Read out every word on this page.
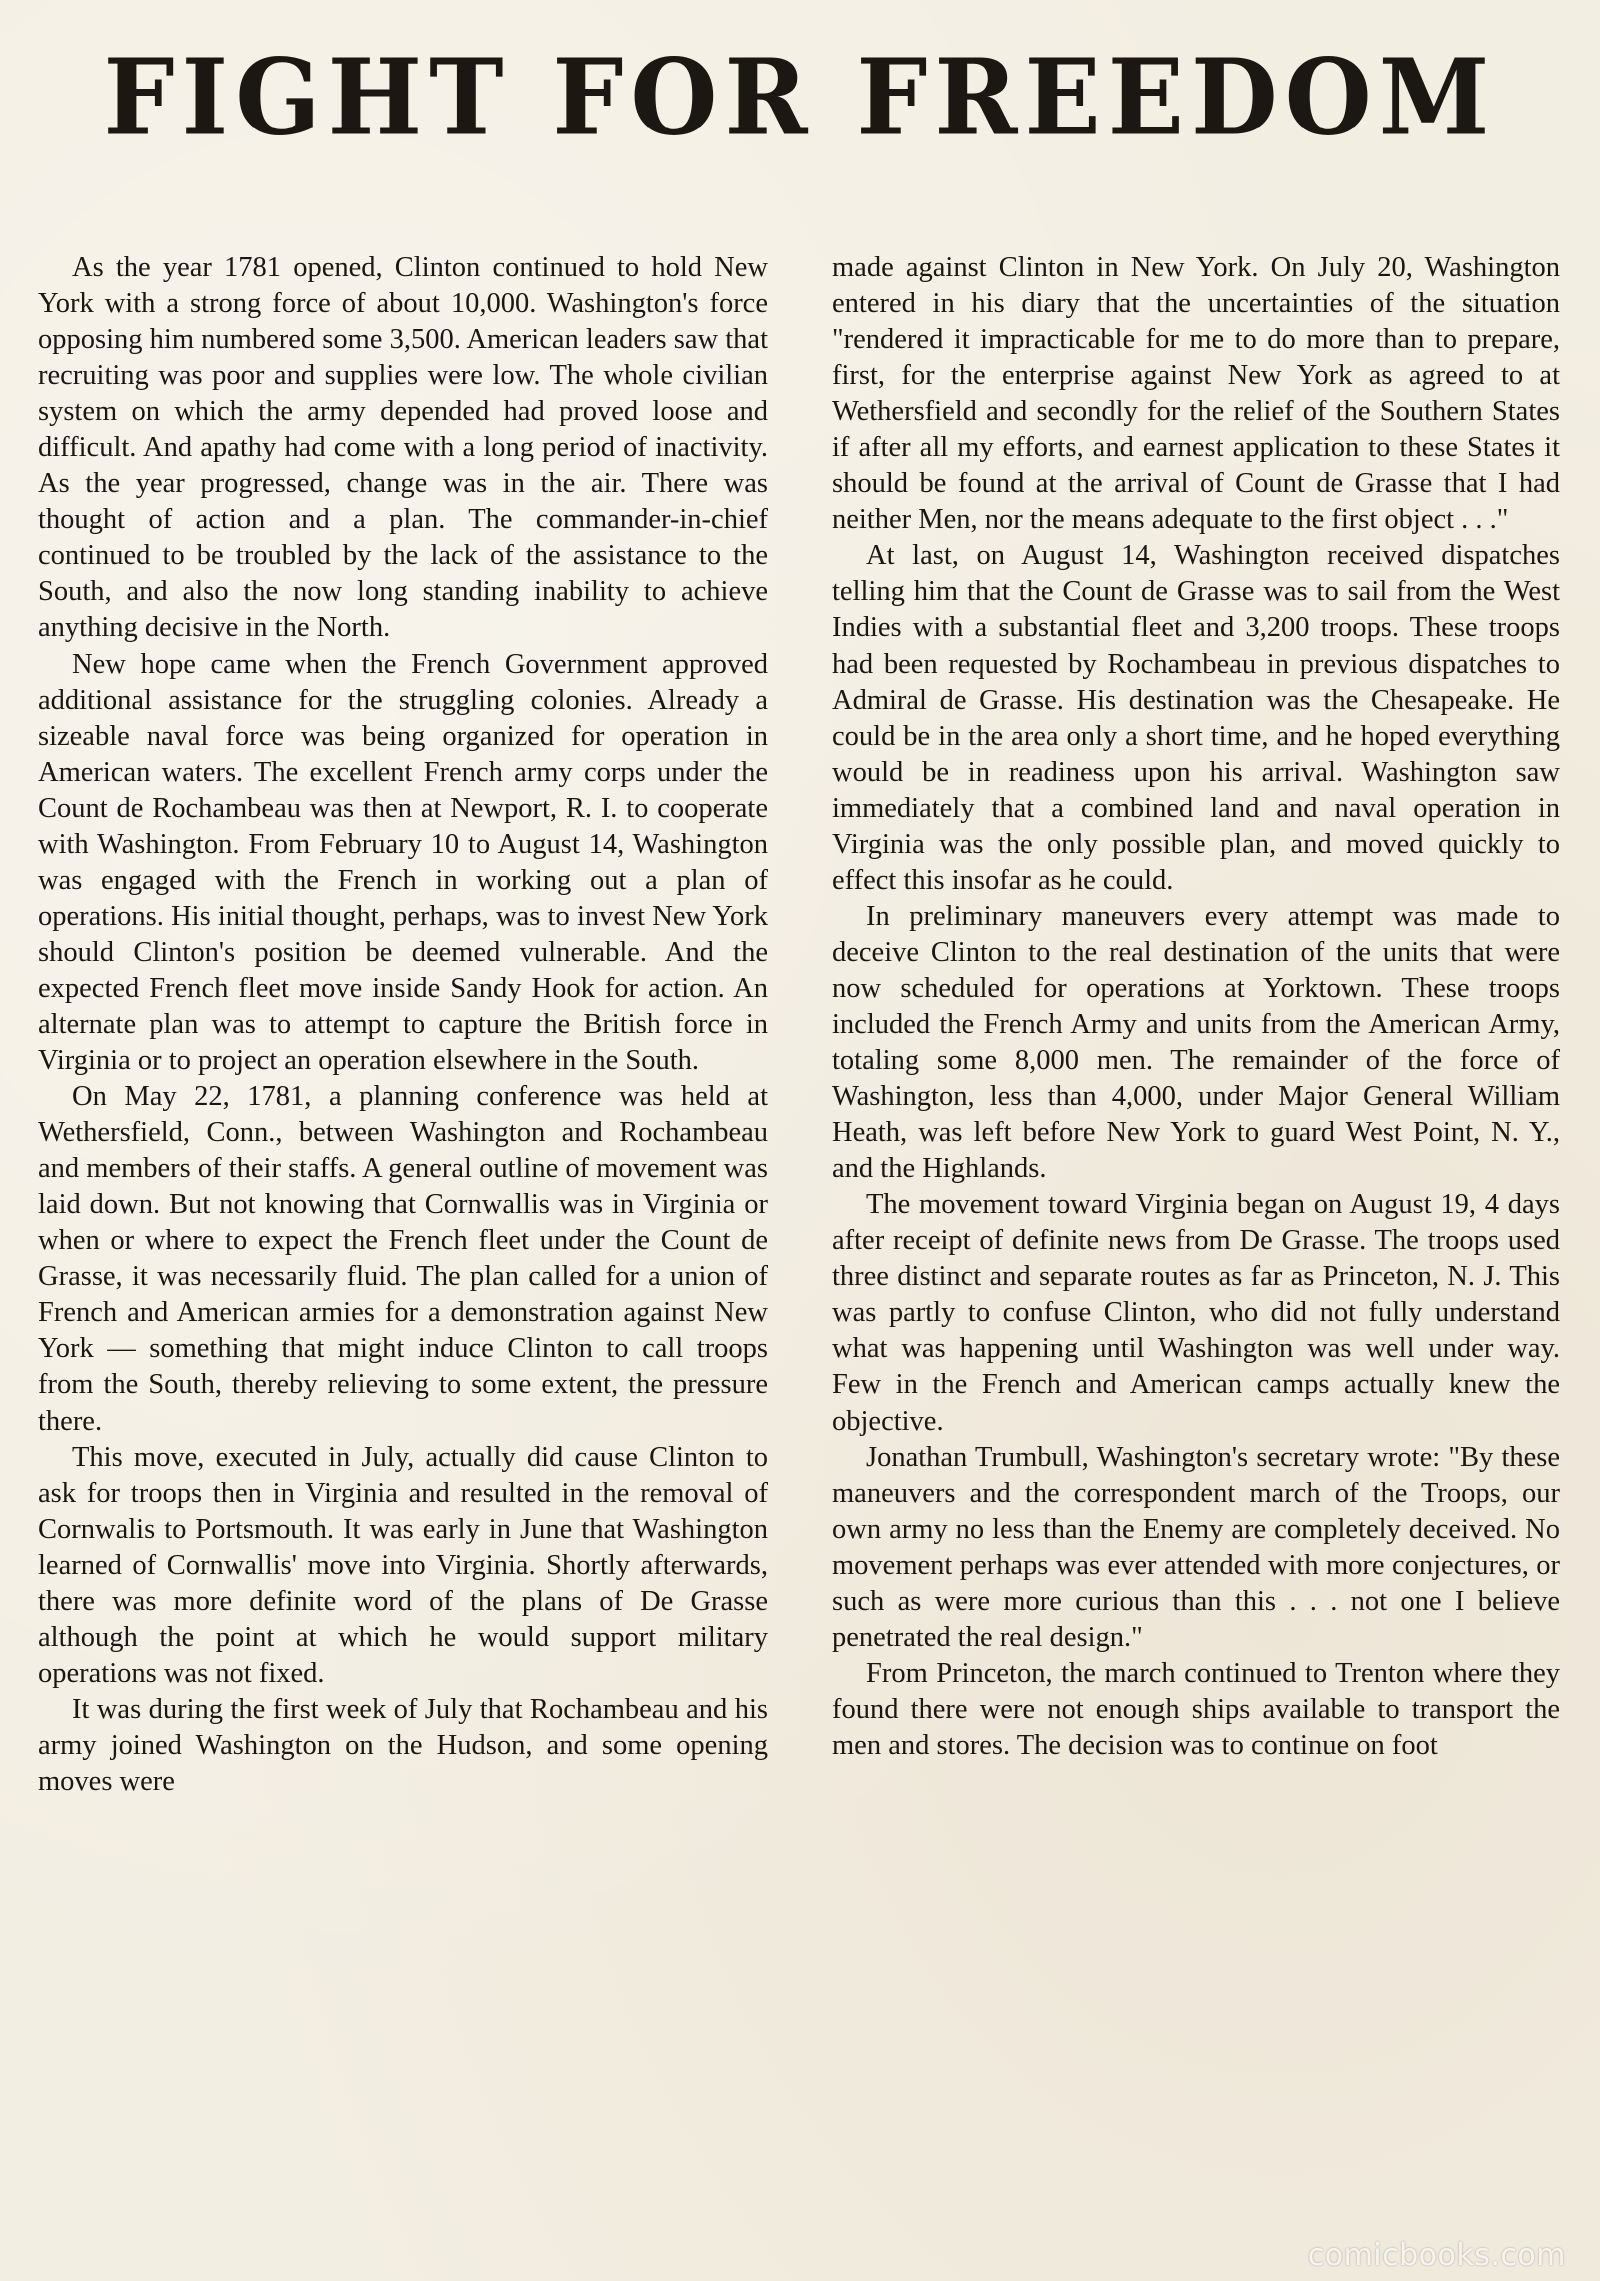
FIGHT FOR FREEDOM

As the year 1781 opened, Clinton continued to hold New York with a strong force of about 10,000. Washington's force opposing him numbered some 3,500. American leaders saw that recruiting was poor and supplies were low. The whole civilian system on which the army depended had proved loose and difficult. And apathy had come with a long period of inactivity. As the year progressed, change was in the air. There was thought of action and a plan. The commander-in-chief continued to be troubled by the lack of the assistance to the South, and also the now long standing inability to achieve anything decisive in the North.

New hope came when the French Government approved additional assistance for the struggling colonies. Already a sizeable naval force was being organized for operation in American waters. The excellent French army corps under the Count de Rochambeau was then at Newport, R. I. to cooperate with Washington. From February 10 to August 14, Washington was engaged with the French in working out a plan of operations. His initial thought, perhaps, was to invest New York should Clinton's position be deemed vulnerable. And the expected French fleet move inside Sandy Hook for action. An alternate plan was to attempt to capture the British force in Virginia or to project an operation elsewhere in the South.

On May 22, 1781, a planning conference was held at Wethersfield, Conn., between Washington and Rochambeau and members of their staffs. A general outline of movement was laid down. But not knowing that Cornwallis was in Virginia or when or where to expect the French fleet under the Count de Grasse, it was necessarily fluid. The plan called for a union of French and American armies for a demonstration against New York — something that might induce Clinton to call troops from the South, thereby relieving to some extent, the pressure there.

This move, executed in July, actually did cause Clinton to ask for troops then in Virginia and resulted in the removal of Cornwalis to Portsmouth. It was early in June that Washington learned of Cornwallis' move into Virginia. Shortly afterwards, there was more definite word of the plans of De Grasse although the point at which he would support military operations was not fixed.

It was during the first week of July that Rochambeau and his army joined Washington on the Hudson, and some opening moves were

made against Clinton in New York. On July 20, Washington entered in his diary that the uncertainties of the situation "rendered it impracticable for me to do more than to prepare, first, for the enterprise against New York as agreed to at Wethersfield and secondly for the relief of the Southern States if after all my efforts, and earnest application to these States it should be found at the arrival of Count de Grasse that I had neither Men, nor the means adequate to the first object . . ."

At last, on August 14, Washington received dispatches telling him that the Count de Grasse was to sail from the West Indies with a substantial fleet and 3,200 troops. These troops had been requested by Rochambeau in previous dispatches to Admiral de Grasse. His destination was the Chesapeake. He could be in the area only a short time, and he hoped everything would be in readiness upon his arrival. Washington saw immediately that a combined land and naval operation in Virginia was the only possible plan, and moved quickly to effect this insofar as he could.

In preliminary maneuvers every attempt was made to deceive Clinton to the real destination of the units that were now scheduled for operations at Yorktown. These troops included the French Army and units from the American Army, totaling some 8,000 men. The remainder of the force of Washington, less than 4,000, under Major General William Heath, was left before New York to guard West Point, N. Y., and the Highlands.

The movement toward Virginia began on August 19, 4 days after receipt of definite news from De Grasse. The troops used three distinct and separate routes as far as Princeton, N. J. This was partly to confuse Clinton, who did not fully understand what was happening until Washington was well under way. Few in the French and American camps actually knew the objective.

Jonathan Trumbull, Washington's secretary wrote: "By these maneuvers and the correspondent march of the Troops, our own army no less than the Enemy are completely deceived. No movement perhaps was ever attended with more conjectures, or such as were more curious than this . . . not one I believe penetrated the real design."

From Princeton, the march continued to Trenton where they found there were not enough ships available to transport the men and stores. The decision was to continue on foot

comicbooks.com
